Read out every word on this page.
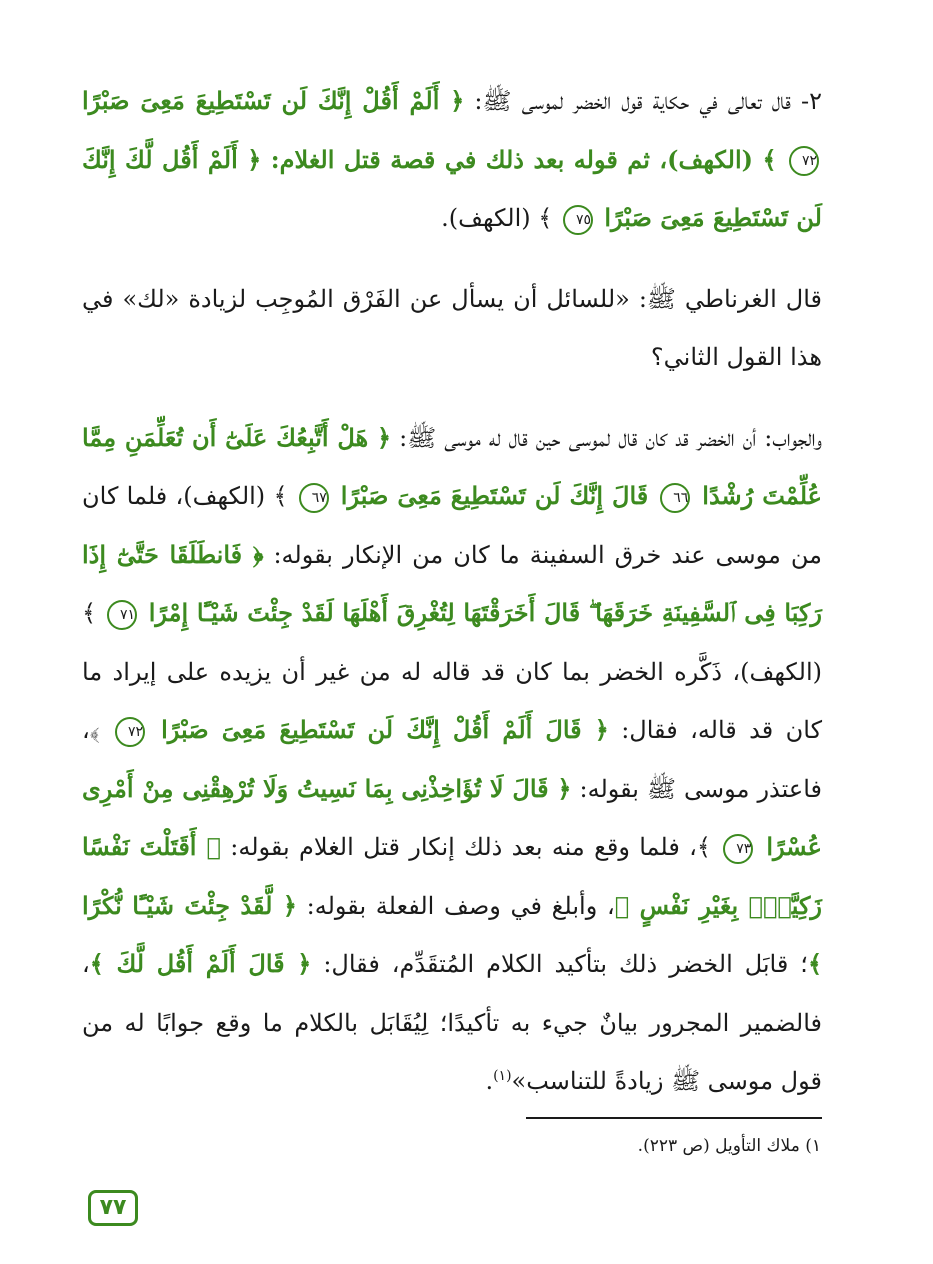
٢- قال تعالى في حكاية قول الخضر لموسى ﷺ: ﴿ أَلَمْ أَقُلْ إِنَّكَ لَن تَسْتَطِيعَ مَعِىَ صَبْرًا ٧٢ ﴾ (الكهف)، ثم قوله بعد ذلك في قصة قتل الغلام: ﴿ أَلَمْ أَقُل لَّكَ إِنَّكَ لَن تَسْتَطِيعَ مَعِىَ صَبْرًا ٧٥ ﴾ (الكهف).

قال الغرناطي ﷺ: «للسائل أن يسأل عن الفَرْق المُوجِب لزيادة «لك» في هذا القول الثاني؟

والجواب: أن الخضر قد كان قال لموسى حين قال له موسى ﷺ: ﴿ هَلْ أَتَّبِعُكَ عَلَىٰٓ أَن تُعَلِّمَنِ مِمَّا عُلِّمْتَ رُشْدًا ٦٦ قَالَ إِنَّكَ لَن تَسْتَطِيعَ مَعِىَ صَبْرًا ٦٧ ﴾ (الكهف)، فلما كان من موسى عند خرق السفينة ما كان من الإنكار بقوله: ﴿ فَانطَلَقَا حَتَّىٰٓ إِذَا رَكِبَا فِى ٱلسَّفِينَةِ خَرَقَهَا ۖ قَالَ أَخَرَقْتَهَا لِتُغْرِقَ أَهْلَهَا لَقَدْ جِئْتَ شَيْـًٔا إِمْرًا ٧١ ﴾ (الكهف)، ذَكَّره الخضر بما كان قد قاله له من غير أن يزيده على إيراد ما كان قد قاله، فقال: ﴿ قَالَ أَلَمْ أَقُلْ إِنَّكَ لَن تَسْتَطِيعَ مَعِىَ صَبْرًا ٧٢ ﴾، فاعتذر موسى ﷺ بقوله: ﴿ قَالَ لَا تُؤَاخِذْنِى بِمَا نَسِيتُ وَلَا تُرْهِقْنِى مِنْ أَمْرِى عُسْرًا ٧٣ ﴾، فلما وقع منه بعد ذلك إنكار قتل الغلام بقوله: ﴿ أَقَتَلْتَ نَفْسًا زَكِيَّةًۢ بِغَيْرِ نَفْسٍ ﴾، وأبلغ في وصف الفعلة بقوله: ﴿ لَّقَدْ جِئْتَ شَيْـًٔا نُّكْرًا ﴾؛ قابَل الخضر ذلك بتأكيد الكلام المُتقَدِّم، فقال: ﴿ قَالَ أَلَمْ أَقُل لَّكَ ﴾، فالضمير المجرور بيانٌ جيء به تأكيدًا؛ لِيُقَابَل بالكلام ما وقع جوابًا له من قول موسى ﷺ زيادةً للتناسب»$^{(١)}$.

١) ملاك التأويل (ص ٢٢٣).
٧٧
